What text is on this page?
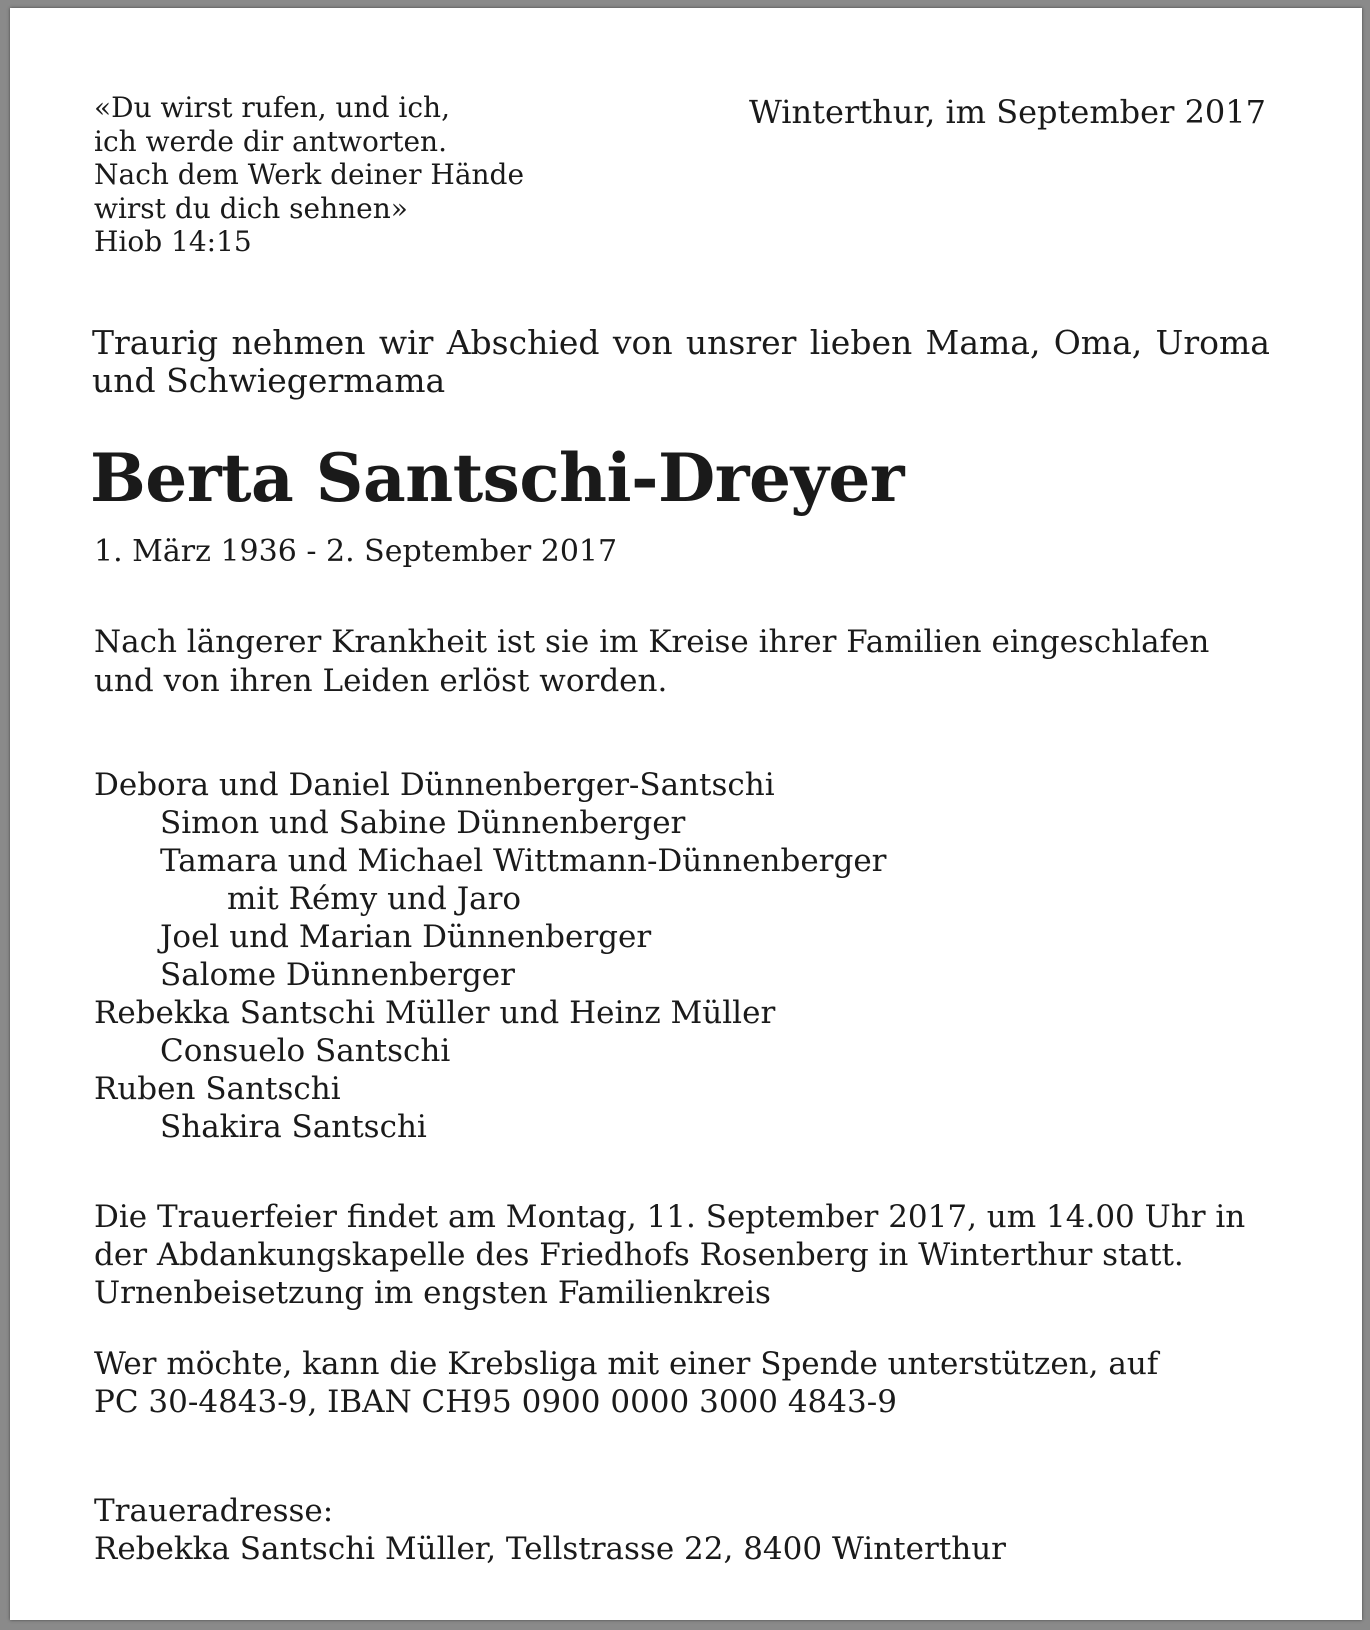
«Du wirst rufen, und ich,
ich werde dir antworten.
Nach dem Werk deiner Hände
wirst du dich sehnen»
Hiob 14:15
Winterthur, im September 2017
Traurig nehmen wir Abschied von unsrer lieben Mama, Oma, Uroma
und Schwiegermama
Berta Santschi-Dreyer
1. März 1936 - 2. September 2017
Nach längerer Krankheit ist sie im Kreise ihrer Familien eingeschlafen
und von ihren Leiden erlöst worden.
Debora und Daniel Dünnenberger-Santschi
Simon und Sabine Dünnenberger
Tamara und Michael Wittmann-Dünnenberger
mit Rémy und Jaro
Joel und Marian Dünnenberger
Salome Dünnenberger
Rebekka Santschi Müller und Heinz Müller
Consuelo Santschi
Ruben Santschi
Shakira Santschi
Die Trauerfeier findet am Montag, 11. September 2017, um 14.00 Uhr in
der Abdankungskapelle des Friedhofs Rosenberg in Winterthur statt.
Urnenbeisetzung im engsten Familienkreis
Wer möchte, kann die Krebsliga mit einer Spende unterstützen, auf
PC 30-4843-9, IBAN CH95 0900 0000 3000 4843-9
Traueradresse:
Rebekka Santschi Müller, Tellstrasse 22, 8400 Winterthur
